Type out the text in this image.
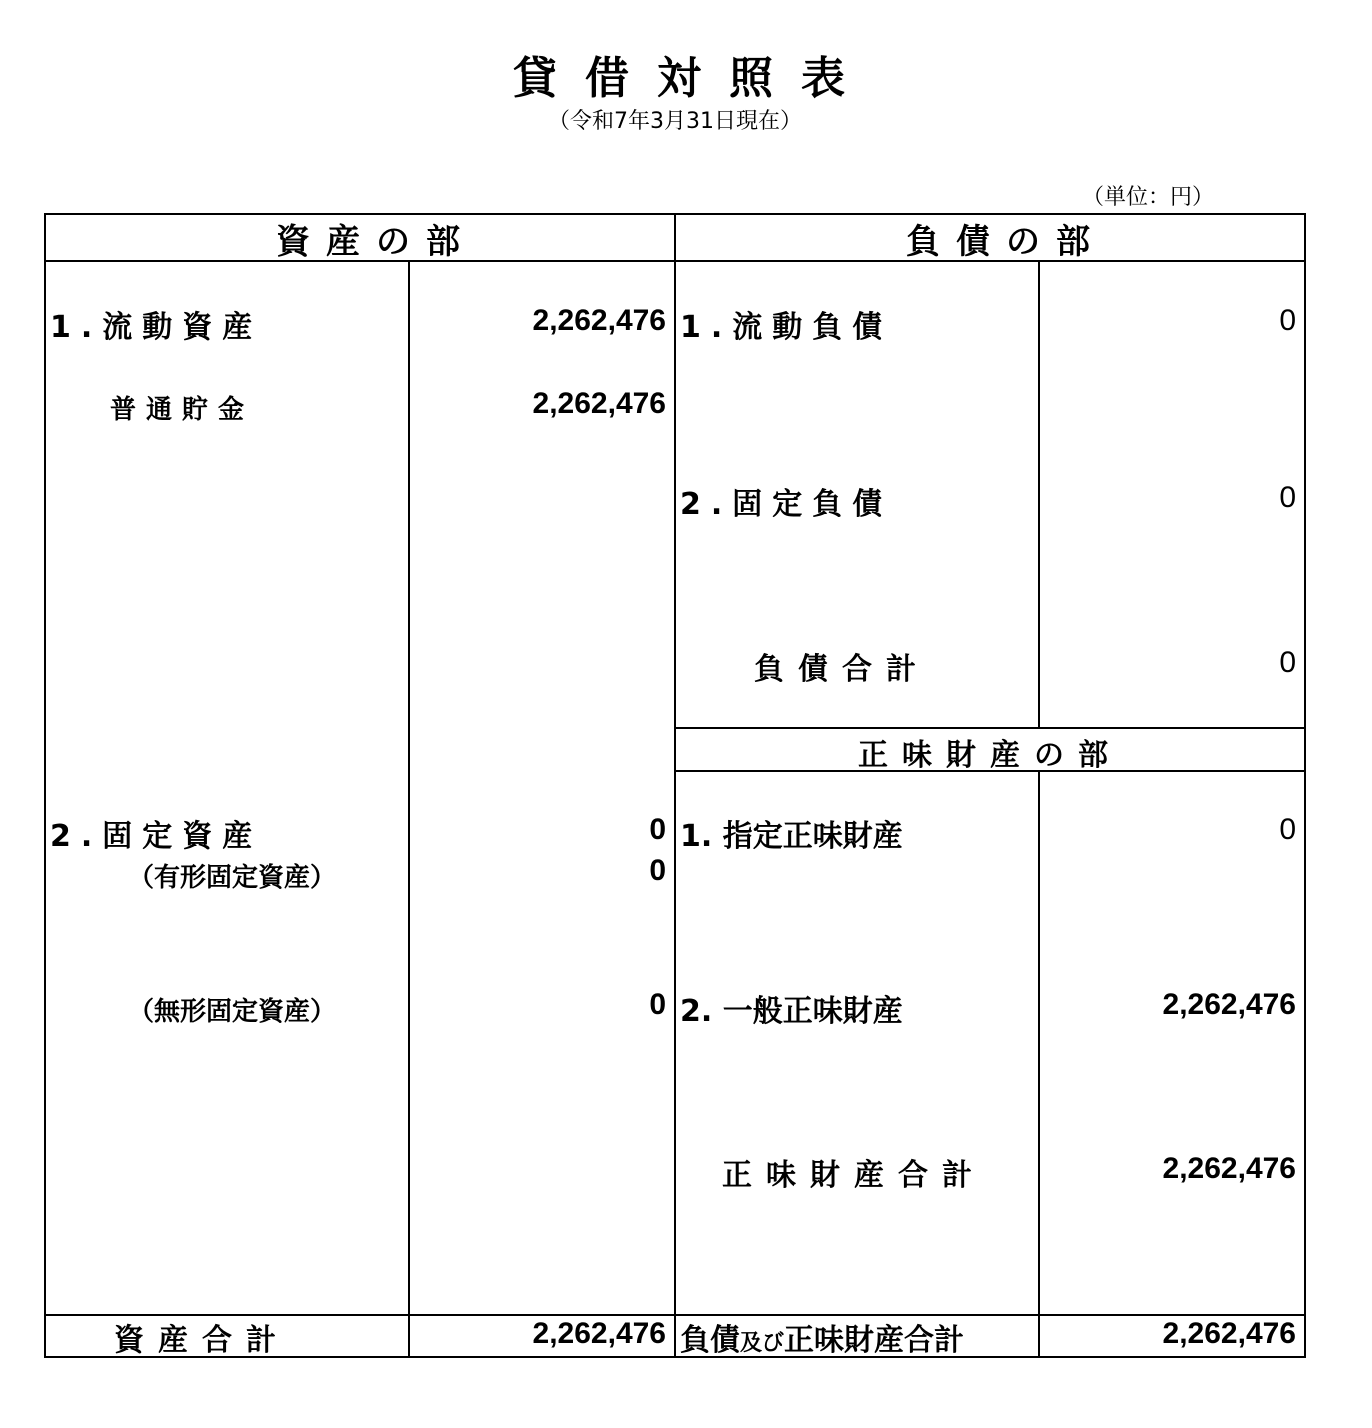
貸借対照表
（令和7年3月31日現在）
（単位：円）
資産の部	負債の部
1.流動資産	2,262,476
普通貯金	2,262,476
2.固定資産	0
（有形固定資産）	0
（無形固定資産）	0
1.流動負債	0
2.固定負債	0
負債合計	0
正味財産の部
1. 指定正味財産	0
2. 一般正味財産	2,262,476
正味財産合計	2,262,476
資産合計	2,262,476 負債及び正味財産合計	2,262,476
